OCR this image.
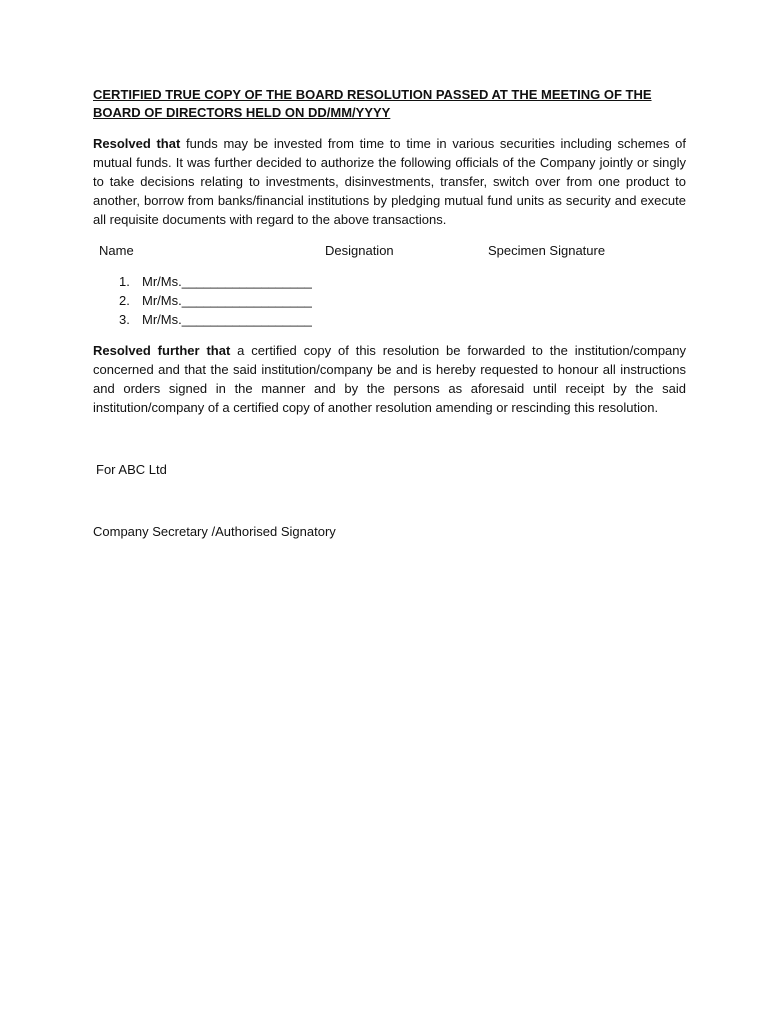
CERTIFIED TRUE COPY OF THE BOARD RESOLUTION PASSED AT THE MEETING OF THE BOARD OF DIRECTORS HELD ON DD/MM/YYYY

Resolved that funds may be invested from time to time in various securities including schemes of mutual funds. It was further decided to authorize the following officials of the Company jointly or singly to take decisions relating to investments, disinvestments, transfer, switch over from one product to another, borrow from banks/financial institutions by pledging mutual fund units as security and execute all requisite documents with regard to the above transactions.

Name	Designation	Specimen Signature
1. Mr/Ms.__________________
2. Mr/Ms.__________________
3. Mr/Ms.__________________

Resolved further that a certified copy of this resolution be forwarded to the institution/company concerned and that the said institution/company be and is hereby requested to honour all instructions and orders signed in the manner and by the persons as aforesaid until receipt by the said institution/company of a certified copy of another resolution amending or rescinding this resolution.

For ABC Ltd
Company Secretary /Authorised Signatory
